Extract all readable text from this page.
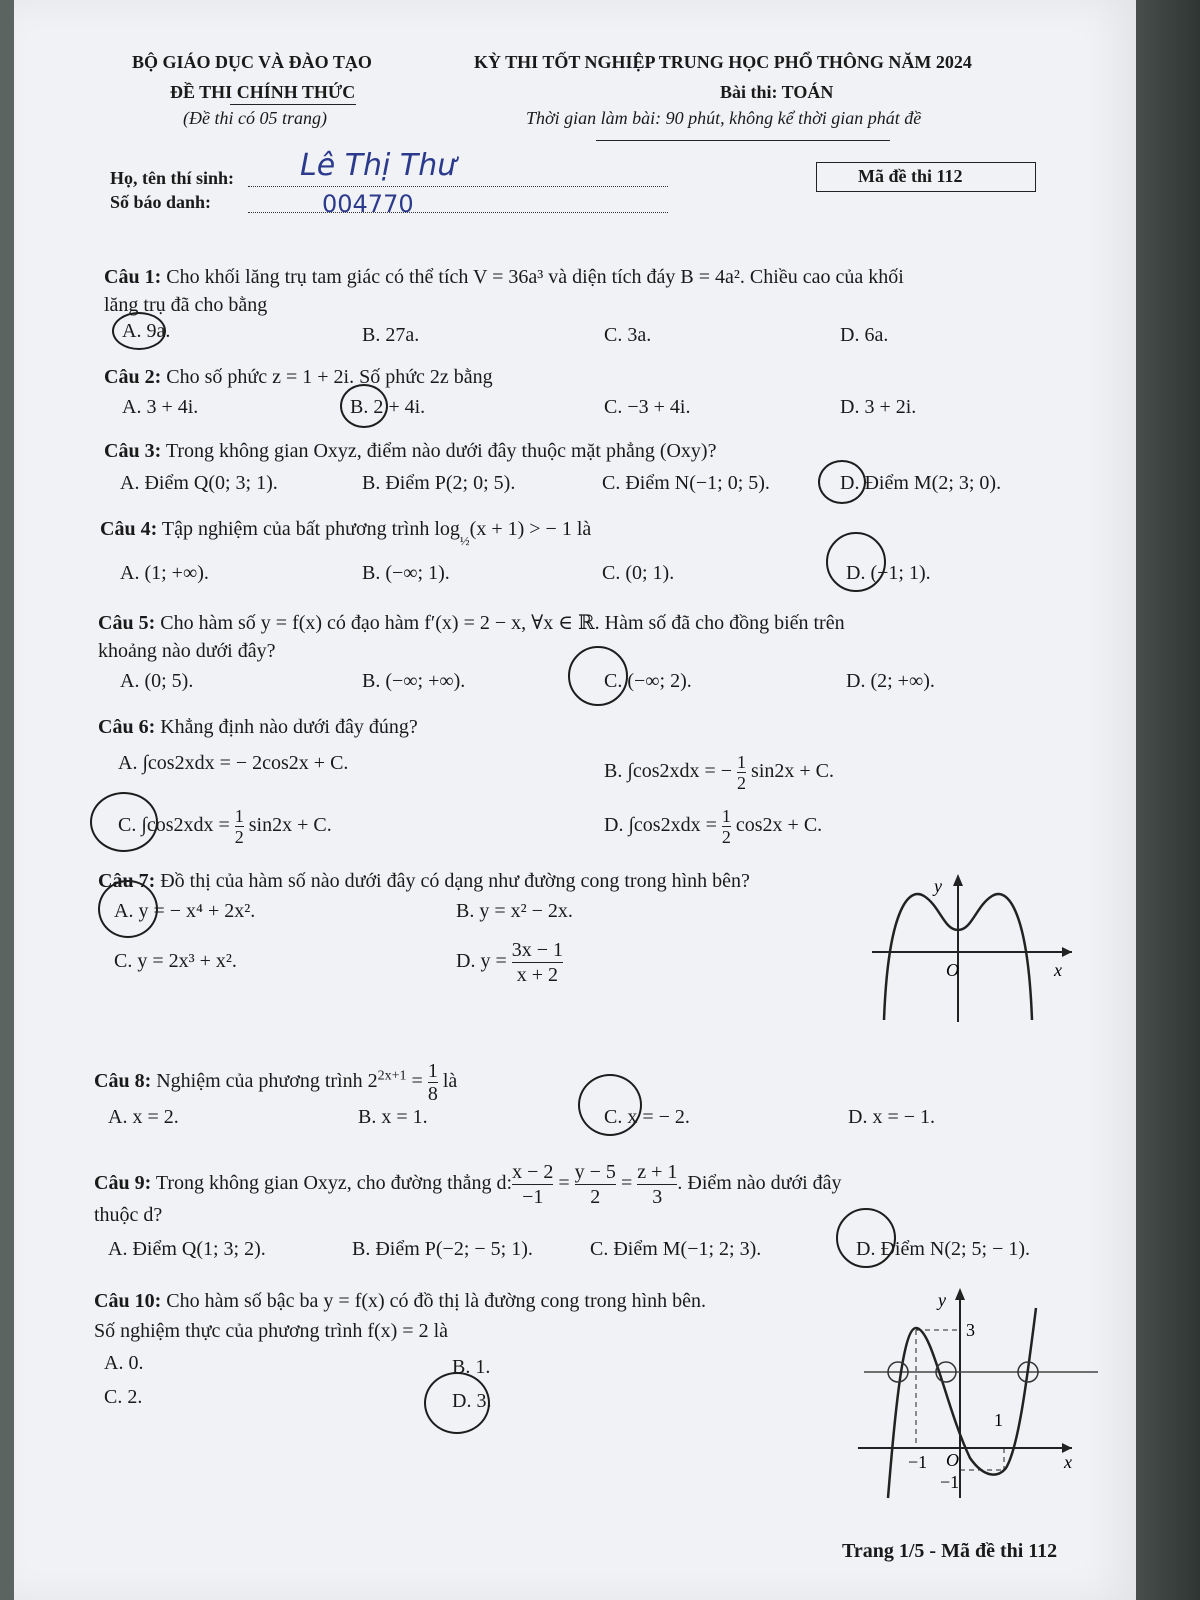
BỘ GIÁO DỤC VÀ ĐÀO TẠO
ĐỀ THI CHÍNH THỨC
(Đề thi có 05 trang)
KỲ THI TỐT NGHIỆP TRUNG HỌC PHỔ THÔNG NĂM 2024
Bài thi: TOÁN
Thời gian làm bài: 90 phút, không kể thời gian phát đề
Họ, tên thí sinh: Lê Thị Thư
Số báo danh:	004770
Mã đề thi 112
Câu 1: Cho khối lăng trụ tam giác có thể tích V = 36a³ và diện tích đáy B = 4a². Chiều cao của khối
lăng trụ đã cho bằng
A. 9a.	B. 27a.	C. 3a.	D. 6a.
Câu 2: Cho số phức z = 1 + 2i. Số phức 2z bằng
A. 3 + 4i.	B. 2 + 4i.	C. −3 + 4i.	D. 3 + 2i.
Câu 3: Trong không gian Oxyz, điểm nào dưới đây thuộc mặt phẳng (Oxy)?
A. Điểm Q(0; 3; 1).	B. Điểm P(2; 0; 5).	C. Điểm N(−1; 0; 5).	D. Điểm M(2; 3; 0).
Câu 4: Tập nghiệm của bất phương trình $\log_{\frac{1}{2}}(x + 1)$ > − 1 là
A. (1; +∞).	B. (−∞; 1).	C. (0; 1).	D. (−1; 1).
Câu 5: Cho hàm số y = f(x) có đạo hàm f′(x) = 2 − x, ∀x ∈ ℝ. Hàm số đã cho đồng biến trên
khoảng nào dưới đây?
A. (0; 5).	B. (−∞; +∞).	C. (−∞; 2).	D. (2; +∞).
Câu 6: Khẳng định nào dưới đây đúng?
A. ∫cos2xdx = − 2cos2x + C.	B. ∫cos2xdx = − $\frac{1}{2} \sin 2x + C$.
C. $\int\cos 2xdx = \frac{1}{2} \sin 2x + C$.	D. $\int\cos 2xdx = \frac{1}{2} \cos 2x + C$.
Câu 7: Đồ thị của hàm số nào dưới đây có dạng như đường cong trong hình bên?
A. y = − x⁴ + 2x².	B. y = x² − 2x.
C. y = 2x³ + x².	D. $y = \frac{3x - 1}{x + 2}$
y
O	x
Câu 8: Nghiệm của phương trình $2^{2x+1} = \frac{1}{8}$ là
A. x = 2.	B. x = 1.	C. x = − 2.	D. x = − 1.
Câu 9: Trong không gian Oxyz, cho đường thẳng $d:\frac{x - 2}{-1} = \frac{y - 5}{2} = \frac{z + 1}{3}$ . Điểm nào dưới đây
thuộc d?
A. Điểm Q(1; 3; 2).	B. Điểm P(−2; − 5; 1).	C. Điểm M(−1; 2; 3).	D. Điểm N(2; 5; − 1).
Câu 10: Cho hàm số bậc ba y = f(x) có đồ thị là đường cong trong hình bên.
Số nghiệm thực của phương trình f(x) = 2 là
A. 0.	B. 1.
C. 2.	D. 3.
y
3
1
−1 O
−1
x
Trang 1/5 - Mã đề thi 112
